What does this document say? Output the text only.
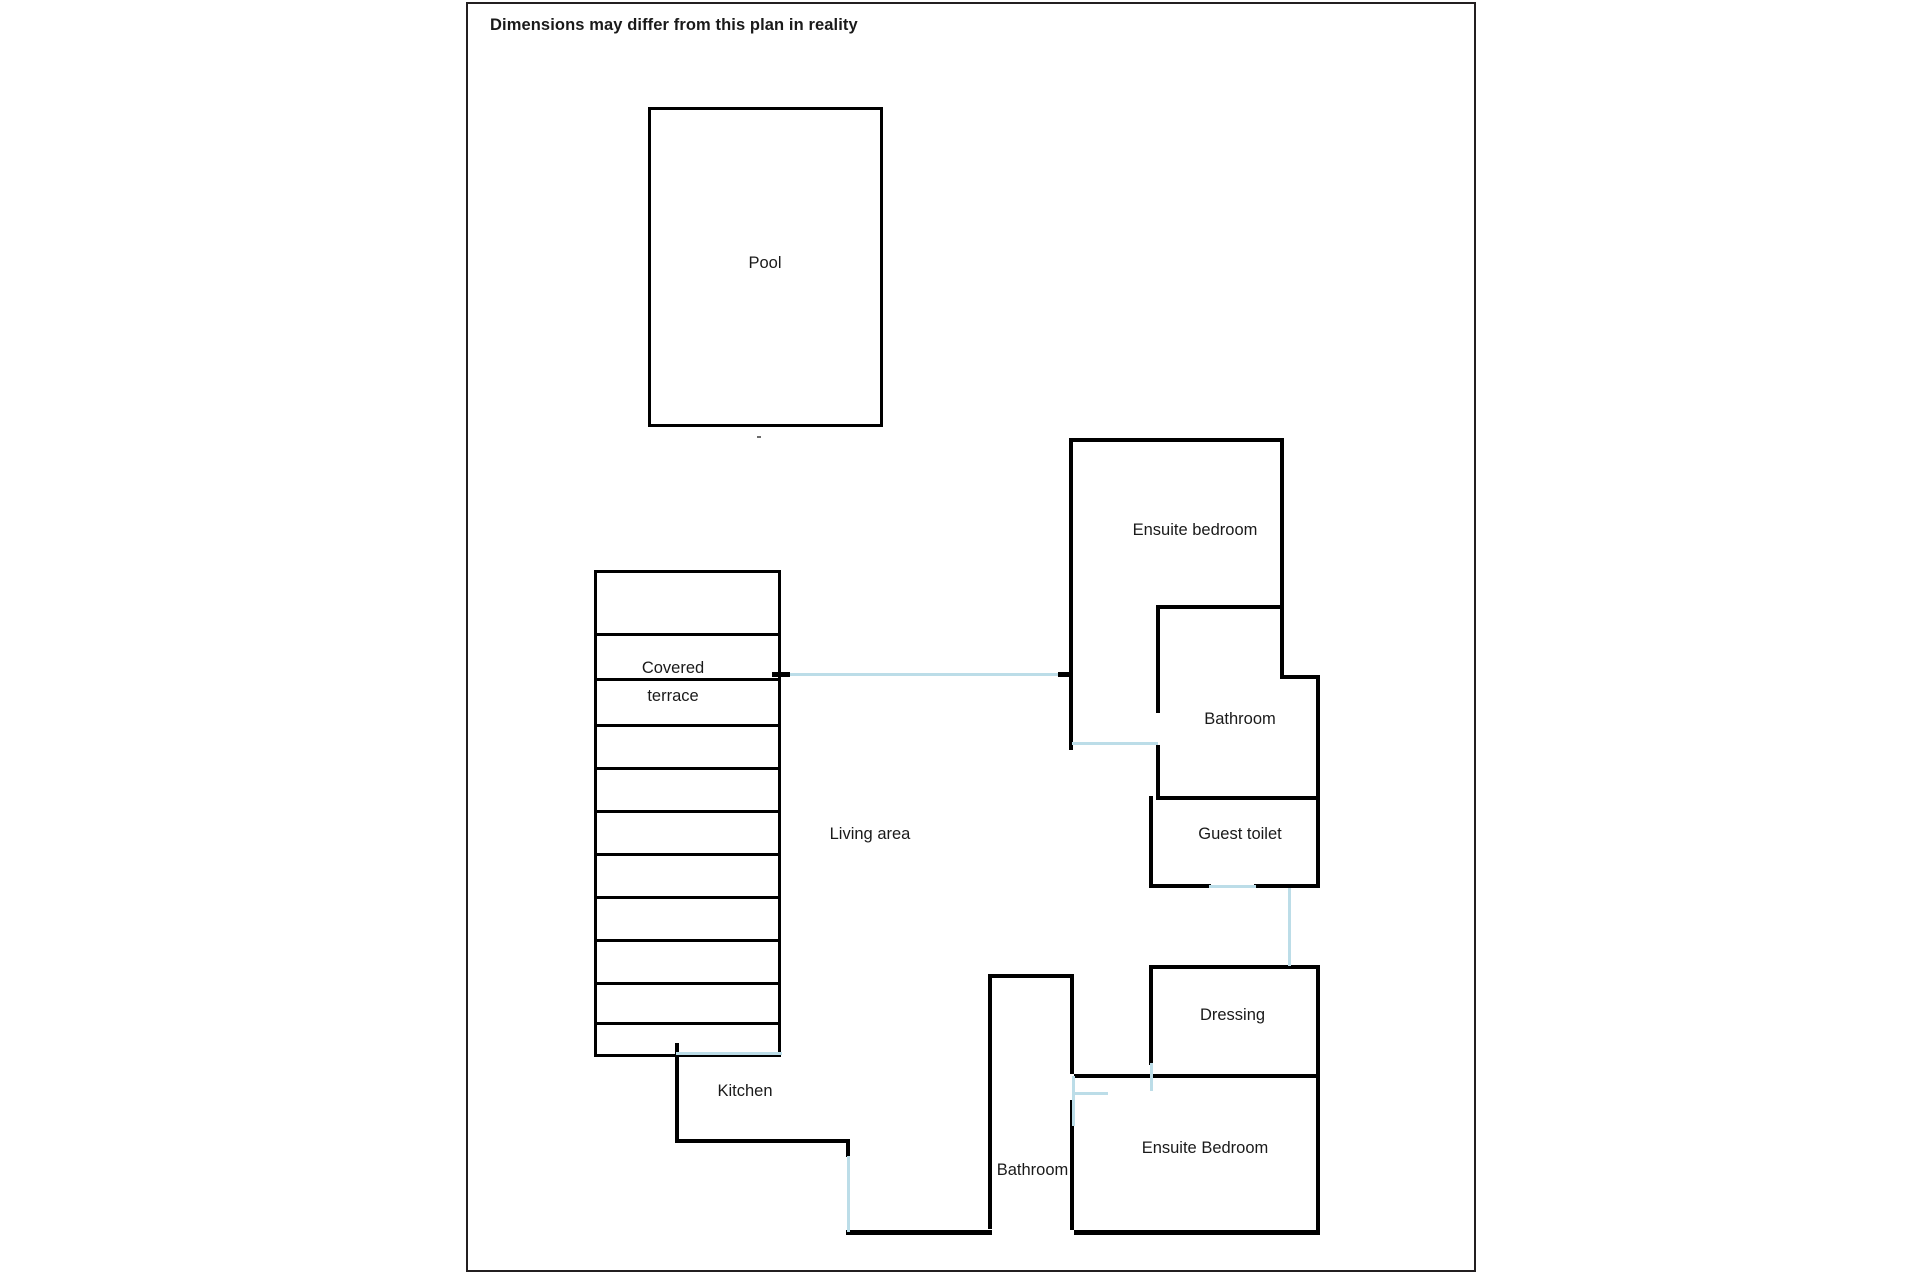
Dimensions may differ from this plan in reality
Pool
Ensuite bedroom
Bathroom
Guest toilet
Covered
terrace
Living area
Kitchen
Dressing
Bathroom
Ensuite Bedroom
